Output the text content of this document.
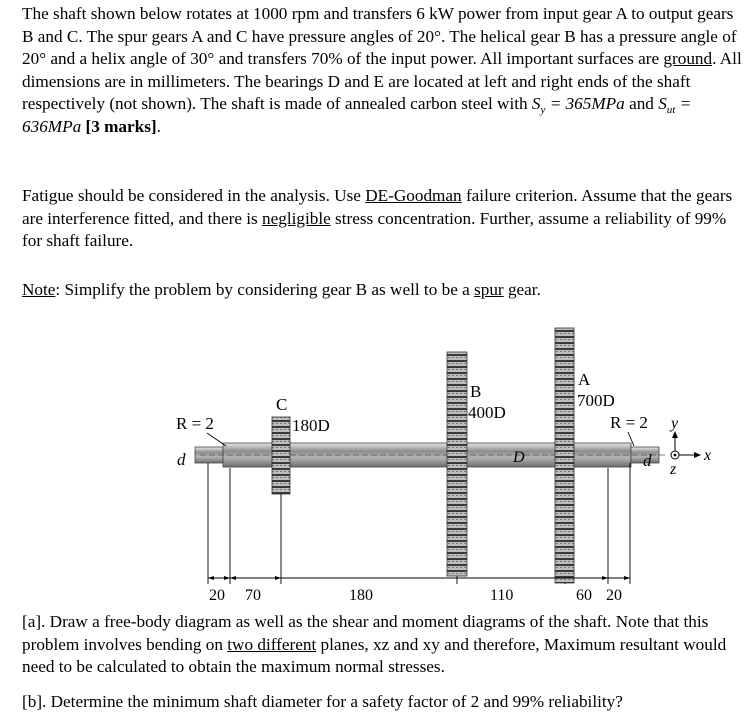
The shaft shown below rotates at 1000 rpm and transfers 6 kW power from input gear A to output gears B and C. The spur gears A and C have pressure angles of 20°. The helical gear B has a pressure angle of 20° and a helix angle of 30° and transfers 70% of the input power. All important surfaces are ground. All dimensions are in millimeters. The bearings D and E are located at left and right ends of the shaft respectively (not shown). The shaft is made of annealed carbon steel with $S_y = 365MPa$ and $S_{ut} = 636MPa$ [3 marks].
Fatigue should be considered in the analysis. Use DE-Goodman failure criterion. Assume that the gears are interference fitted, and there is negligible stress concentration. Further, assume a reliability of 99% for shaft failure.
Note: Simplify the problem by considering gear B as well to be a spur gear.
R = 2
d
C
180D
B
400D
A
700D
D
R = 2
d
y
x
z
20 70	180	110	60 20
[a]. Draw a free-body diagram as well as the shear and moment diagrams of the shaft. Note that this problem involves bending on two different planes, xz and xy and therefore, Maximum resultant would need to be calculated to obtain the maximum normal stresses.
[b]. Determine the minimum shaft diameter for a safety factor of 2 and 99% reliability?
